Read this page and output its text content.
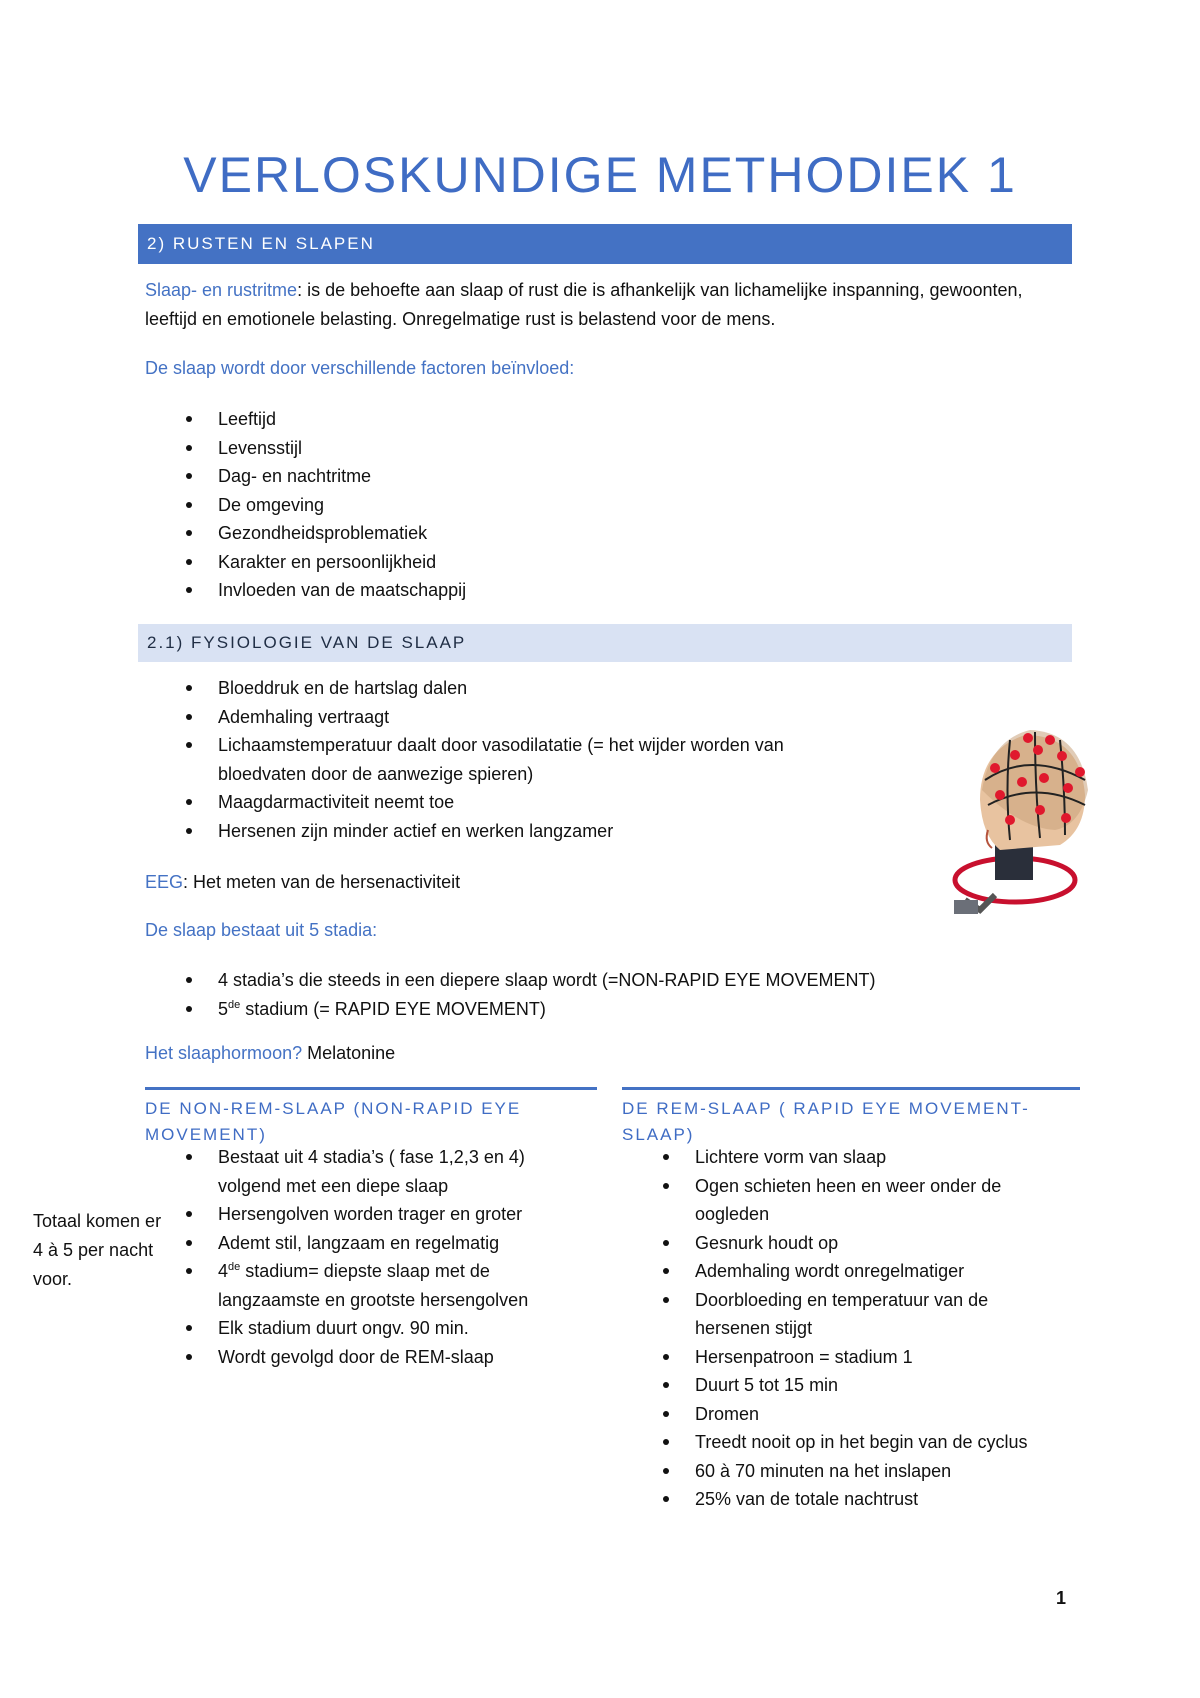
VERLOSKUNDIGE METHODIEK 1
2) RUSTEN EN SLAPEN

Slaap- en rustritme: is de behoefte aan slaap of rust die is afhankelijk van lichamelijke inspanning, gewoonten, leeftijd en emotionele belasting. Onregelmatige rust is belastend voor de mens.

De slaap wordt door verschillende factoren beïnvloed:

Leeftijd
Levensstijl
Dag- en nachtritme
De omgeving
Gezondheidsproblematiek
Karakter en persoonlijkheid
Invloeden van de maatschappij
2.1) FYSIOLOGIE VAN DE SLAAP
Bloeddruk en de hartslag dalen
Ademhaling vertraagt
Lichaamstemperatuur daalt door vasodilatatie (= het wijder worden van bloedvaten door de aanwezige spieren)
Maagdarmactiviteit neemt toe
Hersenen zijn minder actief en werken langzamer

EEG: Het meten van de hersenactiviteit

De slaap bestaat uit 5 stadia:

4 stadia’s die steeds in een diepere slaap wordt (=NON-RAPID EYE MOVEMENT)
5de stadium (= RAPID EYE MOVEMENT)

Het slaaphormoon? Melatonine

DE NON-REM-SLAAP (NON-RAPID EYE MOVEMENT)
Bestaat uit 4 stadia’s ( fase 1,2,3 en 4) volgend met een diepe slaap
Hersengolven worden trager en groter
Ademt stil, langzaam en regelmatig
4de stadium= diepste slaap met de langzaamste en grootste hersengolven
Elk stadium duurt ongv. 90 min.
Wordt gevolgd door de REM-slaap

Totaal komen er 4 à 5 per nacht voor.

DE REM-SLAAP ( RAPID EYE MOVEMENT-SLAAP)
Lichtere vorm van slaap
Ogen schieten heen en weer onder de oogleden
Gesnurk houdt op
Ademhaling wordt onregelmatiger
Doorbloeding en temperatuur van de hersenen stijgt
Hersenpatroon = stadium 1
Duurt 5 tot 15 min
Dromen
Treedt nooit op in het begin van de cyclus
60 à 70 minuten na het inslapen
25% van de totale nachtrust
1
